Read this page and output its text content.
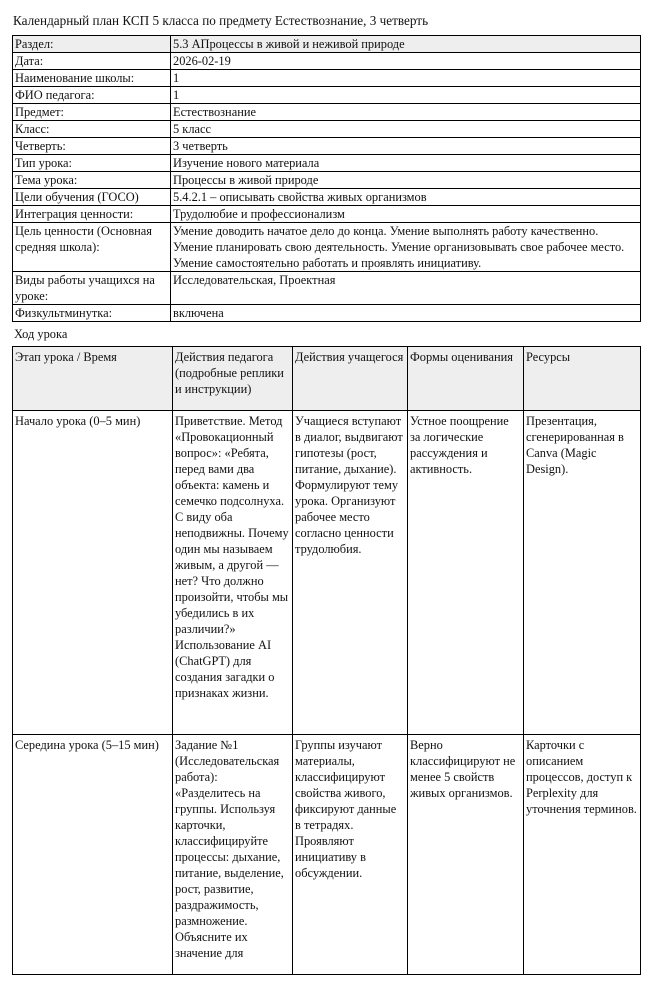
Календарный план КСП 5 класса по предмету Естествознание, 3 четверть
Раздел:	5.3 АПроцессы в живой и неживой природе
Дата:	2026-02-19
Наименование школы:	1
ФИО педагога:	1
Предмет:	Естествознание
Класс:	5 класс
Четверть:	3 четверть
Тип урока:	Изучение нового материала
Тема урока:	Процессы в живой природе
Цели обучения (ГОСО)	5.4.2.1 – описывать свойства живых организмов
Интеграция ценности:	Трудолюбие и профессионализм
Цель ценности (Основная средняя школа):	Умение доводить начатое дело до конца. Умение выполнять работу качественно. Умение планировать свою деятельность. Умение организовывать свое рабочее место. Умение самостоятельно работать и проявлять инициативу.
Виды работы учащихся на уроке:	Исследовательская, Проектная
Физкультминутка:	включена

Ход урока

Этап урока / Время	Действия педагога (подробные реплики и инструкции)	Действия учащегося	Формы оценивания	Ресурсы
Начало урока (0–5 мин)	Приветствие. Метод «Провокационный вопрос»: «Ребята, перед вами два объекта: камень и семечко подсолнуха. С виду оба неподвижны. Почему один мы называем живым, а другой — нет? Что должно произойти, чтобы мы убедились в их различии?» Использование AI (ChatGPT) для создания загадки о признаках жизни.	Учащиеся вступают в диалог, выдвигают гипотезы (рост, питание, дыхание). Формулируют тему урока. Организуют рабочее место согласно ценности трудолюбия.	Устное поощрение за логические рассуждения и активность.	Презентация, сгенерированная в Canva (Magic Design).
Середина урока (5–15 мин)	Задание №1 (Исследовательская работа): «Разделитесь на группы. Используя карточки, классифицируйте процессы: дыхание, питание, выделение, рост, развитие, раздражимость, размножение. Объясните их значение для	Группы изучают материалы, классифицируют свойства живого, фиксируют данные в тетрадях. Проявляют инициативу в обсуждении.	Верно классифицируют не менее 5 свойств живых организмов.	Карточки с описанием процессов, доступ к Perplexity для уточнения терминов.
